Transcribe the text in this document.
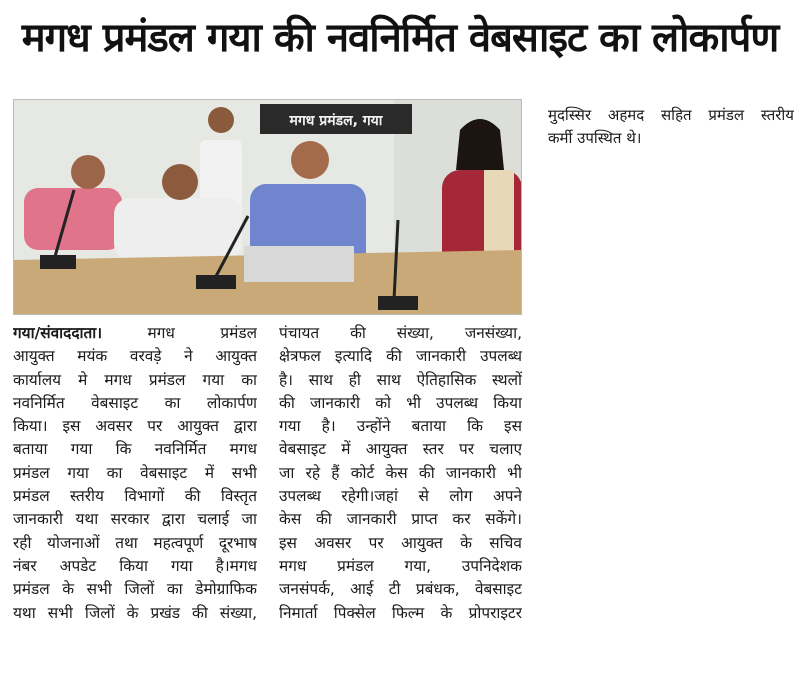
मगध प्रमंडल गया की नवनिर्मित वेबसाइट का लोकार्पण
मगध प्रमंडल, गया
गया/संवाददाता। मगध प्रमंडल
आयुक्त मयंक वरवड़े ने आयुक्त
कार्यालय मे मगध प्रमंडल गया का
नवनिर्मित वेबसाइट का लोकार्पण
किया। इस अवसर पर आयुक्त द्वारा
बताया गया कि नवनिर्मित मगध
प्रमंडल गया का वेबसाइट में सभी
प्रमंडल स्तरीय विभागों की विस्तृत
जानकारी यथा सरकार द्वारा चलाई जा
रही योजनाओं तथा महत्वपूर्ण दूरभाष
नंबर अपडेट किया गया है।मगध
प्रमंडल के सभी जिलों का डेमोग्राफिक
यथा सभी जिलों के प्रखंड की संख्या,
पंचायत की संख्या, जनसंख्या,
क्षेत्रफल इत्यादि की जानकारी उपलब्ध
है। साथ ही साथ ऐतिहासिक स्थलों
की जानकारी को भी उपलब्ध किया
गया है। उन्होंने बताया कि इस
वेबसाइट में आयुक्त स्तर पर चलाए
जा रहे हैं कोर्ट केस की जानकारी भी
उपलब्ध रहेगी।जहां से लोग अपने
केस की जानकारी प्राप्त कर सकेंगे।
इस अवसर पर आयुक्त के सचिव
मगध प्रमंडल गया, उपनिदेशक
जनसंपर्क, आई टी प्रबंधक, वेबसाइट
निमार्ता पिक्सेल फिल्म के प्रोपराइटर
मुदस्सिर अहमद सहित प्रमंडल स्तरीय
कर्मी उपस्थित थे।
